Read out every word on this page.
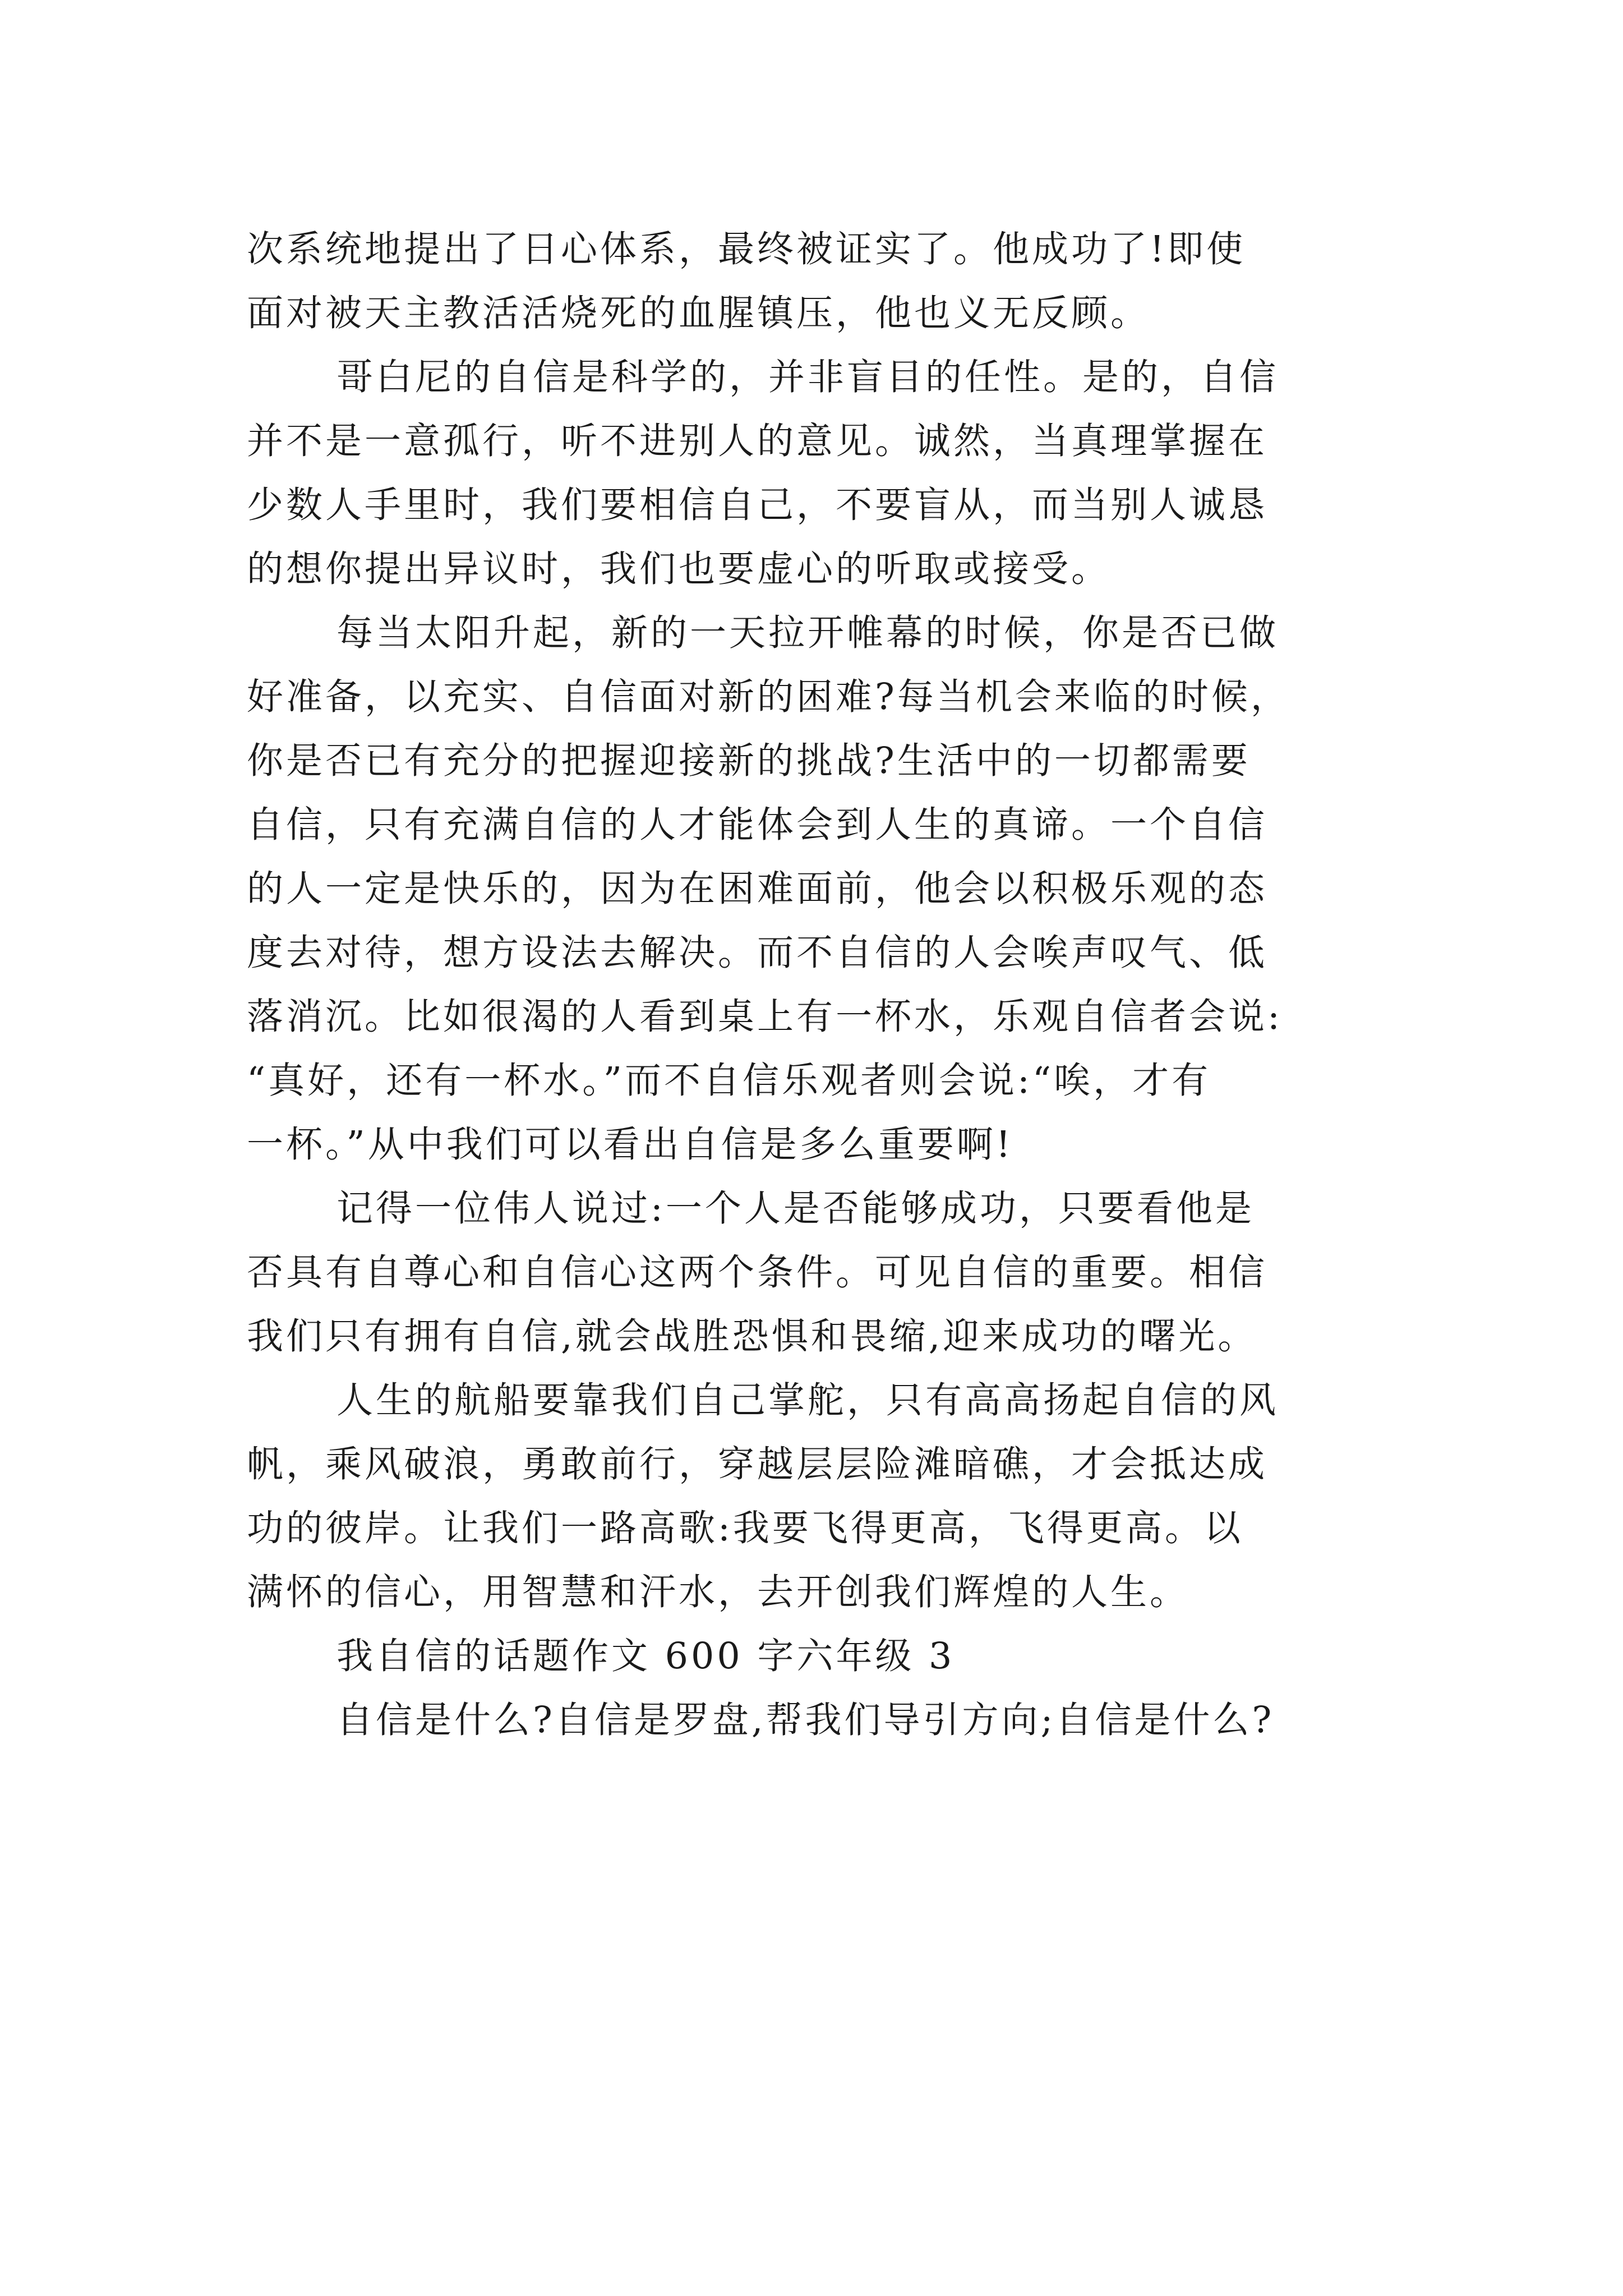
次系统地提出了日心体系，最终被证实了。他成功了!即使
面对被天主教活活烧死的血腥镇压，他也义无反顾。
哥白尼的自信是科学的，并非盲目的任性。是的，自信
并不是一意孤行，听不进别人的意见。诚然，当真理掌握在
少数人手里时，我们要相信自己，不要盲从，而当别人诚恳
的想你提出异议时，我们也要虚心的听取或接受。
每当太阳升起，新的一天拉开帷幕的时候，你是否已做
好准备，以充实、自信面对新的困难?每当机会来临的时候，
你是否已有充分的把握迎接新的挑战?生活中的一切都需要
自信，只有充满自信的人才能体会到人生的真谛。一个自信
的人一定是快乐的，因为在困难面前，他会以积极乐观的态
度去对待，想方设法去解决。而不自信的人会唉声叹气、低
落消沉。比如很渴的人看到桌上有一杯水，乐观自信者会说:
“真好，还有一杯水。”而不自信乐观者则会说:“唉，才有
一杯。”从中我们可以看出自信是多么重要啊!
记得一位伟人说过:一个人是否能够成功，只要看他是
否具有自尊心和自信心这两个条件。可见自信的重要。相信
我们只有拥有自信,就会战胜恐惧和畏缩,迎来成功的曙光。
人生的航船要靠我们自己掌舵，只有高高扬起自信的风
帆，乘风破浪，勇敢前行，穿越层层险滩暗礁，才会抵达成
功的彼岸。让我们一路高歌:我要飞得更高，飞得更高。以
满怀的信心，用智慧和汗水，去开创我们辉煌的人生。
我自信的话题作文 600 字六年级 3
自信是什么?自信是罗盘,帮我们导引方向;自信是什么?
